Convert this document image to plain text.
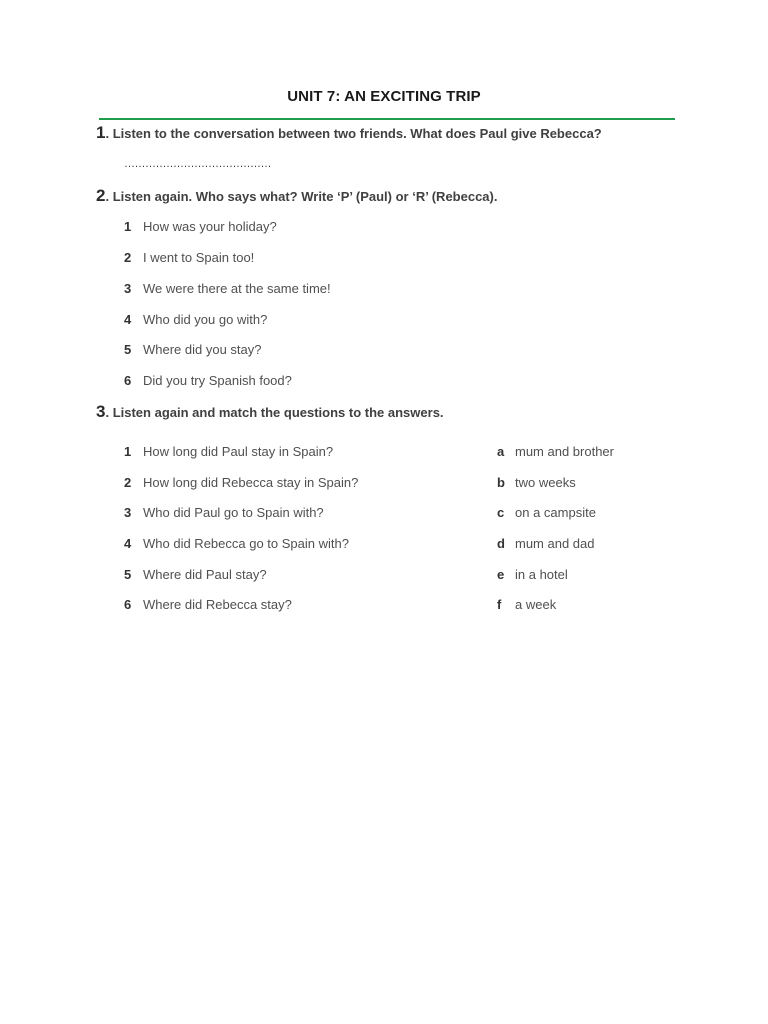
UNIT 7: AN EXCITING TRIP
1. Listen to the conversation between two friends. What does Paul give Rebecca?
……………………………………
2. Listen again. Who says what? Write ‘P’ (Paul) or ‘R’ (Rebecca).
1 How was your holiday?
2 I went to Spain too!
3 We were there at the same time!
4 Who did you go with?
5 Where did you stay?
6 Did you try Spanish food?
3. Listen again and match the questions to the answers.
1 How long did Paul stay in Spain?
2 How long did Rebecca stay in Spain?
3 Who did Paul go to Spain with?
4 Who did Rebecca go to Spain with?
5 Where did Paul stay?
6 Where did Rebecca stay?
a mum and brother
b two weeks
c on a campsite
d mum and dad
e in a hotel
f a week
